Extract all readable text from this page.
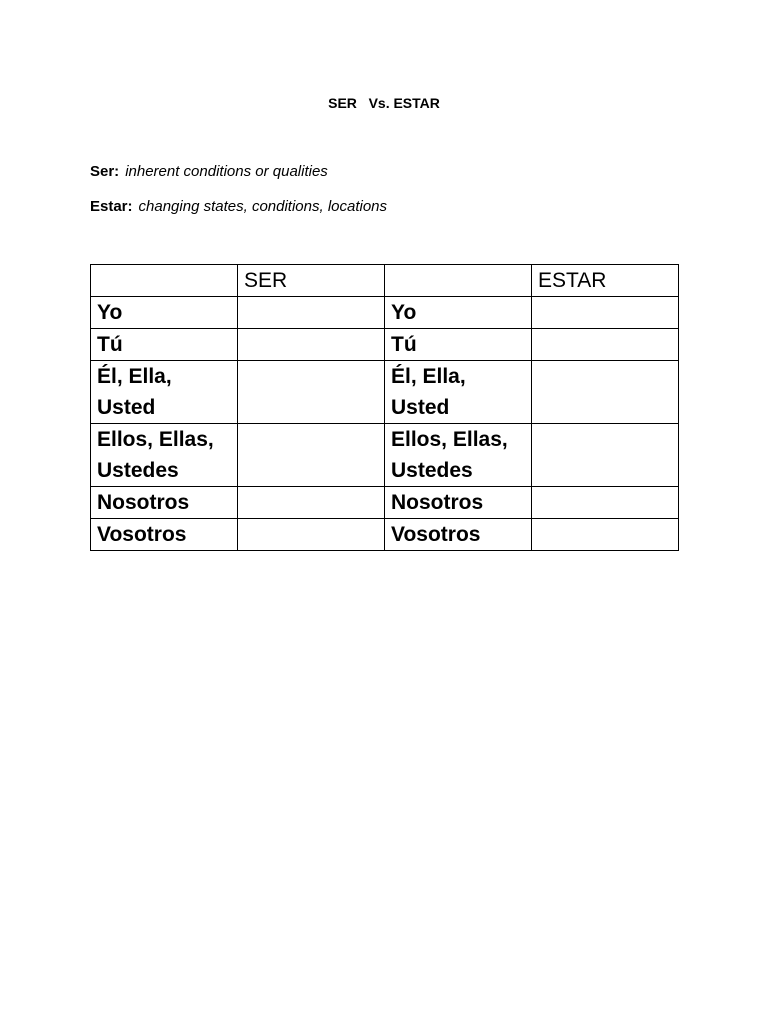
SER   Vs. ESTAR
Ser: inherent conditions or qualities
Estar: changing states, conditions, locations
	SER		ESTAR
Yo		Yo	
Tú		Tú	
Él, Ella, Usted		Él, Ella, Usted	
Ellos, Ellas, Ustedes		Ellos, Ellas, Ustedes	
Nosotros		Nosotros	
Vosotros		Vosotros	
